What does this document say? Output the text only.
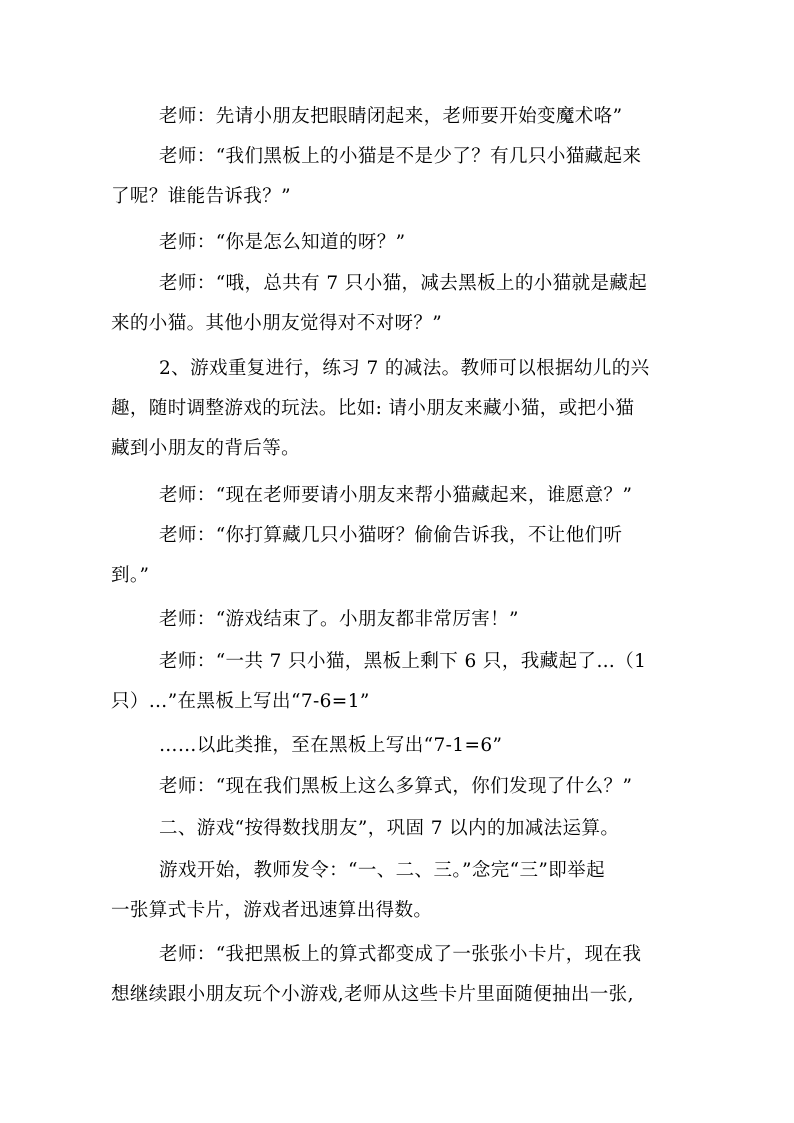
老师：先请小朋友把眼睛闭起来，老师要开始变魔术咯”

老师：“我们黑板上的小猫是不是少了？有几只小猫藏起来
了呢？谁能告诉我？”

老师：“你是怎么知道的呀？”

老师：“哦，总共有 7 只小猫，减去黑板上的小猫就是藏起
来的小猫。其他小朋友觉得对不对呀？”

2、游戏重复进行，练习 7 的减法。教师可以根据幼儿的兴
趣，随时调整游戏的玩法。比如: 请小朋友来藏小猫，或把小猫
藏到小朋友的背后等。

老师：“现在老师要请小朋友来帮小猫藏起来，谁愿意？”

老师：“你打算藏几只小猫呀？偷偷告诉我，不让他们听
到。”

老师：“游戏结束了。小朋友都非常厉害！”

老师：“一共 7 只小猫，黑板上剩下 6 只，我藏起了…（1
只）…”在黑板上写出“7-6=1”

……以此类推，至在黑板上写出“7-1=6”

老师：“现在我们黑板上这么多算式，你们发现了什么？”

二、游戏“按得数找朋友”，巩固 7 以内的加减法运算。

游戏开始，教师发令：“一、二、三。”念完“三”即举起
一张算式卡片，游戏者迅速算出得数。

老师：“我把黑板上的算式都变成了一张张小卡片，现在我
想继续跟小朋友玩个小游戏,老师从这些卡片里面随便抽出一张,
